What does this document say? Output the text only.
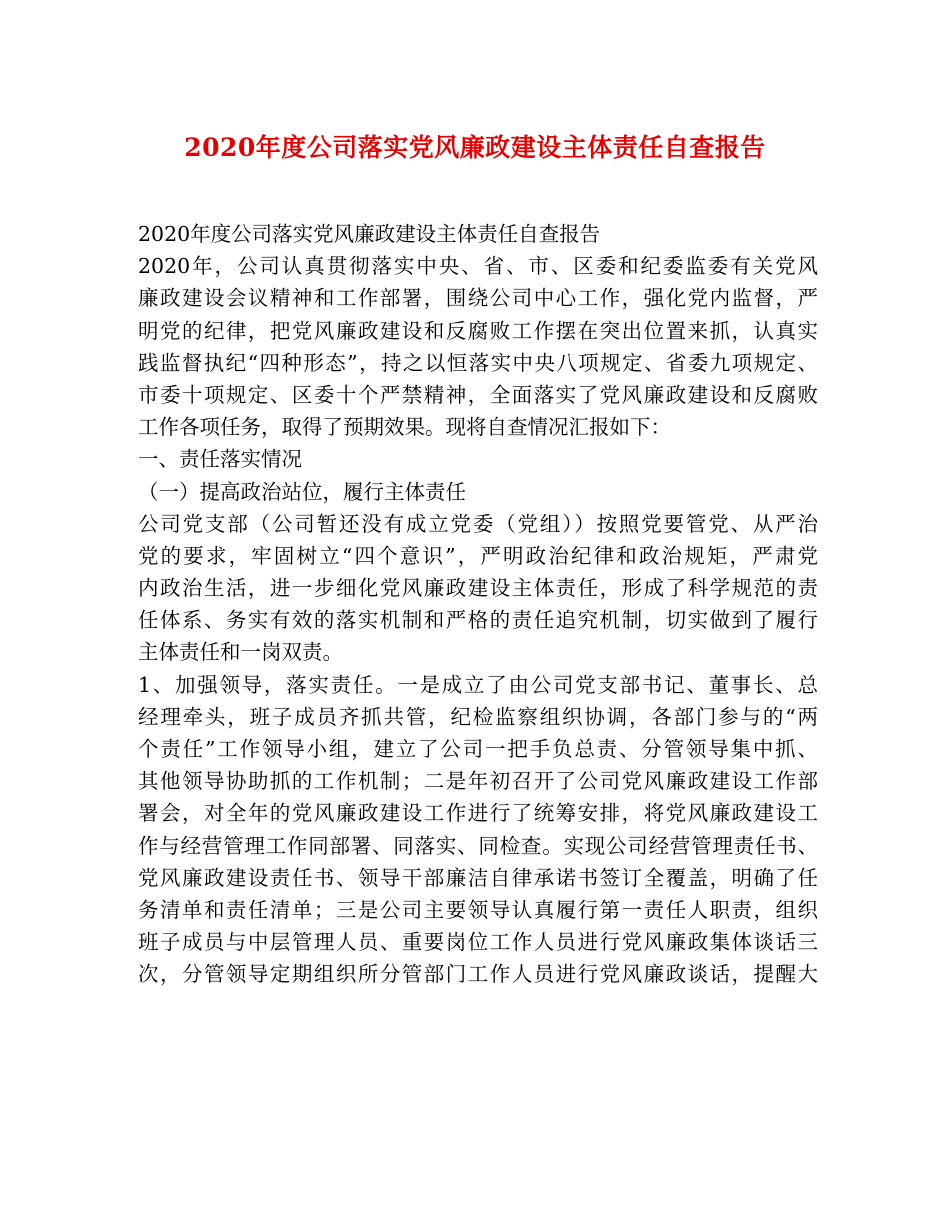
2020年度公司落实党风廉政建设主体责任自查报告
2020年度公司落实党风廉政建设主体责任自查报告
2020年，公司认真贯彻落实中央、省、市、区委和纪委监委有关党风
廉政建设会议精神和工作部署，围绕公司中心工作，强化党内监督，严
明党的纪律，把党风廉政建设和反腐败工作摆在突出位置来抓，认真实
践监督执纪“四种形态”，持之以恒落实中央八项规定、省委九项规定、
市委十项规定、区委十个严禁精神，全面落实了党风廉政建设和反腐败
工作各项任务，取得了预期效果。现将自查情况汇报如下：
一、责任落实情况
（一）提高政治站位，履行主体责任
公司党支部（公司暂还没有成立党委（党组））按照党要管党、从严治
党的要求，牢固树立“四个意识”，严明政治纪律和政治规矩，严肃党
内政治生活，进一步细化党风廉政建设主体责任，形成了科学规范的责
任体系、务实有效的落实机制和严格的责任追究机制，切实做到了履行
主体责任和一岗双责。
1、加强领导，落实责任。一是成立了由公司党支部书记、董事长、总
经理牵头，班子成员齐抓共管，纪检监察组织协调，各部门参与的“两
个责任”工作领导小组，建立了公司一把手负总责、分管领导集中抓、
其他领导协助抓的工作机制；二是年初召开了公司党风廉政建设工作部
署会，对全年的党风廉政建设工作进行了统筹安排，将党风廉政建设工
作与经营管理工作同部署、同落实、同检查。实现公司经营管理责任书、
党风廉政建设责任书、领导干部廉洁自律承诺书签订全覆盖，明确了任
务清单和责任清单；三是公司主要领导认真履行第一责任人职责，组织
班子成员与中层管理人员、重要岗位工作人员进行党风廉政集体谈话三
次，分管领导定期组织所分管部门工作人员进行党风廉政谈话，提醒大
